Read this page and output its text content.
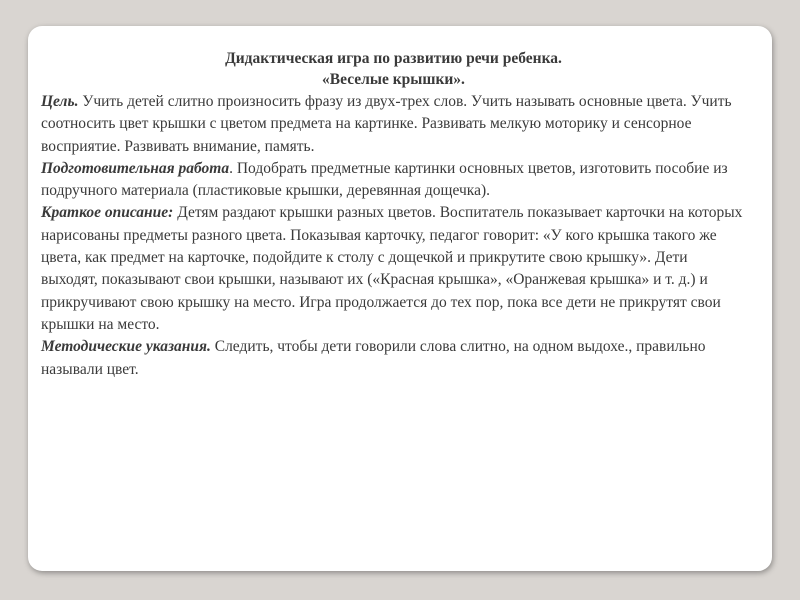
Дидактическая игра по развитию речи ребенка.
«Веселые крышки».

Цель. Учить детей слитно произносить фразу из двух-трех слов. Учить называть основные цвета. Учить соотносить цвет крышки с цветом предмета на картинке. Развивать мелкую моторику и сенсорное восприятие. Развивать внимание, память.

Подготовительная работа. Подобрать предметные картинки основных цветов, изготовить пособие из подручного материала (пластиковые крышки, деревянная дощечка).

Краткое описание: Детям раздают крышки разных цветов. Воспитатель показывает карточки на которых нарисованы предметы разного цвета. Показывая карточку, педагог говорит: «У кого крышка такого же цвета, как предмет на карточке, подойдите к столу с дощечкой и прикрутите свою крышку». Дети выходят, показывают свои крышки, называют их («Красная крышка», «Оранжевая крышка» и т. д.) и прикручивают свою крышку на место. Игра продолжается до тех пор, пока все дети не прикрутят свои крышки на место.

Методические указания. Следить, чтобы дети говорили слова слитно, на одном выдохе., правильно называли цвет.
